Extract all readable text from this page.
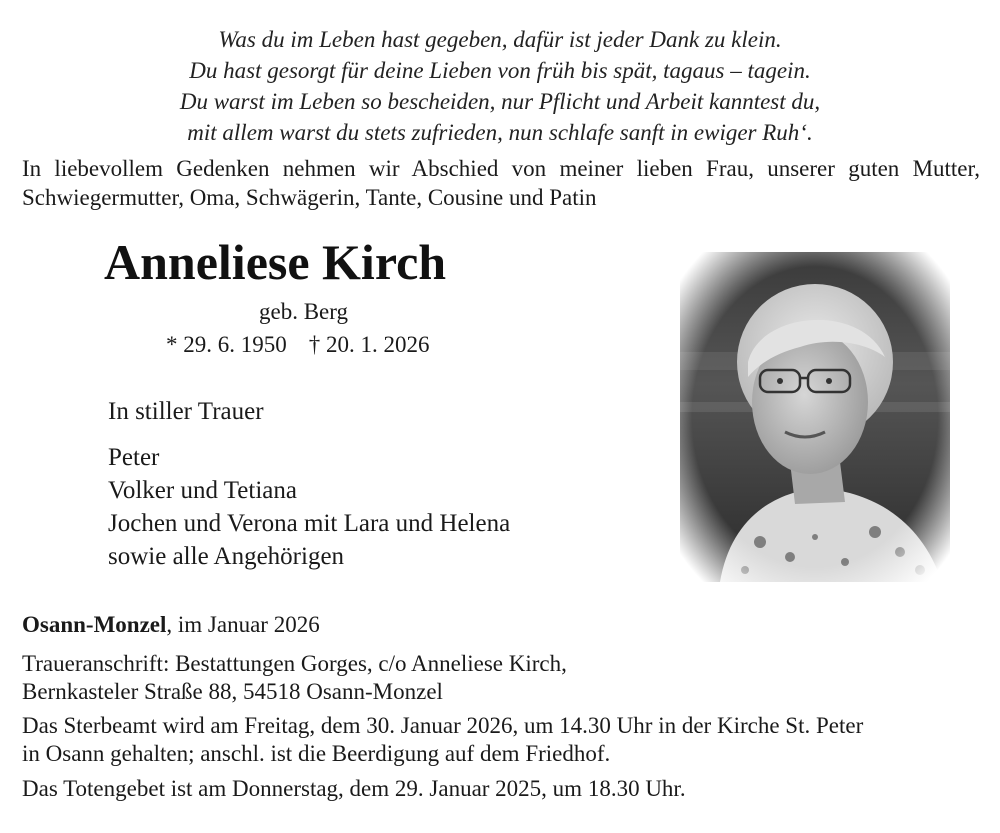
Was du im Leben hast gegeben, dafür ist jeder Dank zu klein.
Du hast gesorgt für deine Lieben von früh bis spät, tagaus – tagein.
Du warst im Leben so bescheiden, nur Pflicht und Arbeit kanntest du,
mit allem warst du stets zufrieden, nun schlafe sanft in ewiger Ruh‘.
In liebevollem Gedenken nehmen wir Abschied von meiner lieben Frau, unserer guten Mutter, Schwiegermutter, Oma, Schwägerin, Tante, Cousine und Patin
Anneliese Kirch
geb. Berg
* 29. 6. 1950 † 20. 1. 2026
In stiller Trauer
Peter
Volker und Tetiana
Jochen und Verona mit Lara und Helena
sowie alle Angehörigen
Osann-Monzel, im Januar 2026
Traueranschrift: Bestattungen Gorges, c/o Anneliese Kirch,
Bernkasteler Straße 88, 54518 Osann-Monzel
Das Sterbeamt wird am Freitag, dem 30. Januar 2026, um 14.30 Uhr in der Kirche St. Peter
in Osann gehalten; anschl. ist die Beerdigung auf dem Friedhof.
Das Totengebet ist am Donnerstag, dem 29. Januar 2025, um 18.30 Uhr.
